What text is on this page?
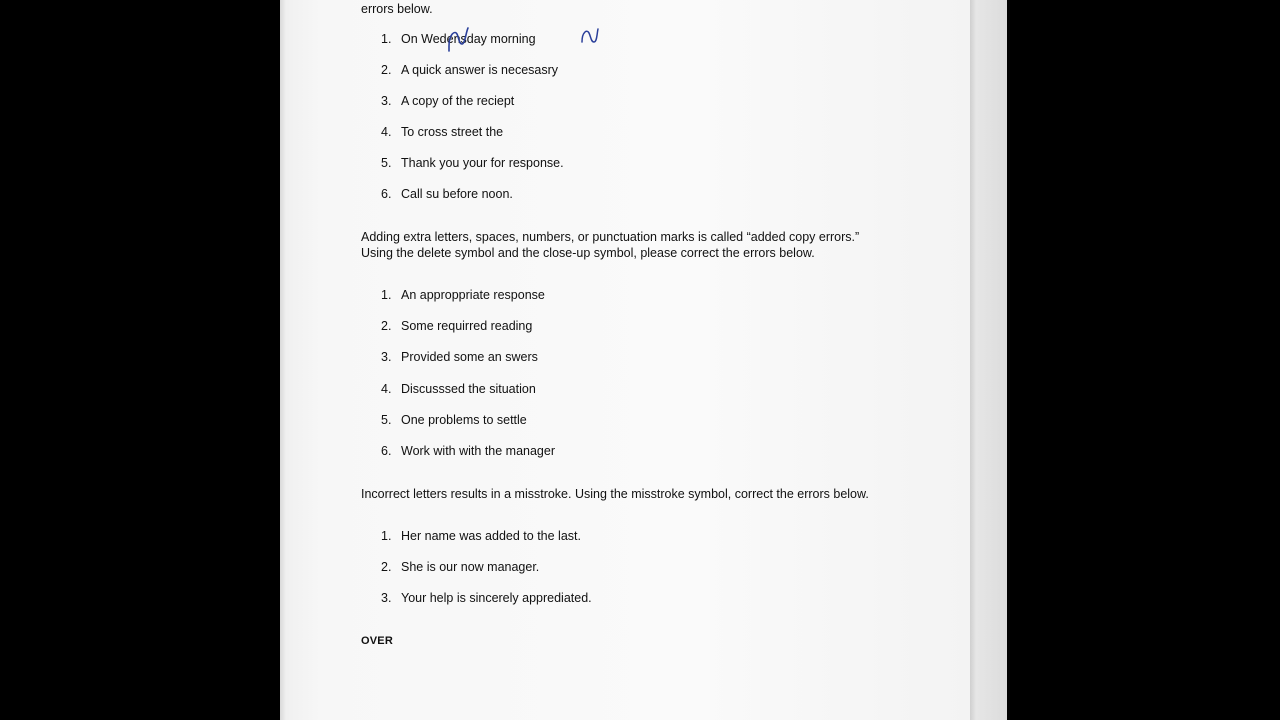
errors below.
1. On Wedensday morning
2. A quick answer is necesasry
3. A copy of the reciept
4. To cross street the
5. Thank you your for response.
6. Call su before noon.
Adding extra letters, spaces, numbers, or punctuation marks is called “added copy errors.” Using the delete symbol and the close-up symbol, please correct the errors below.
1. An approppriate response
2. Some requirred reading
3. Provided some an swers
4. Discusssed the situation
5. One problems to settle
6. Work with with the manager
Incorrect letters results in a misstroke. Using the misstroke symbol, correct the errors below.
1. Her name was added to the last.
2. She is our now manager.
3. Your help is sincerely apprediated.
OVER
